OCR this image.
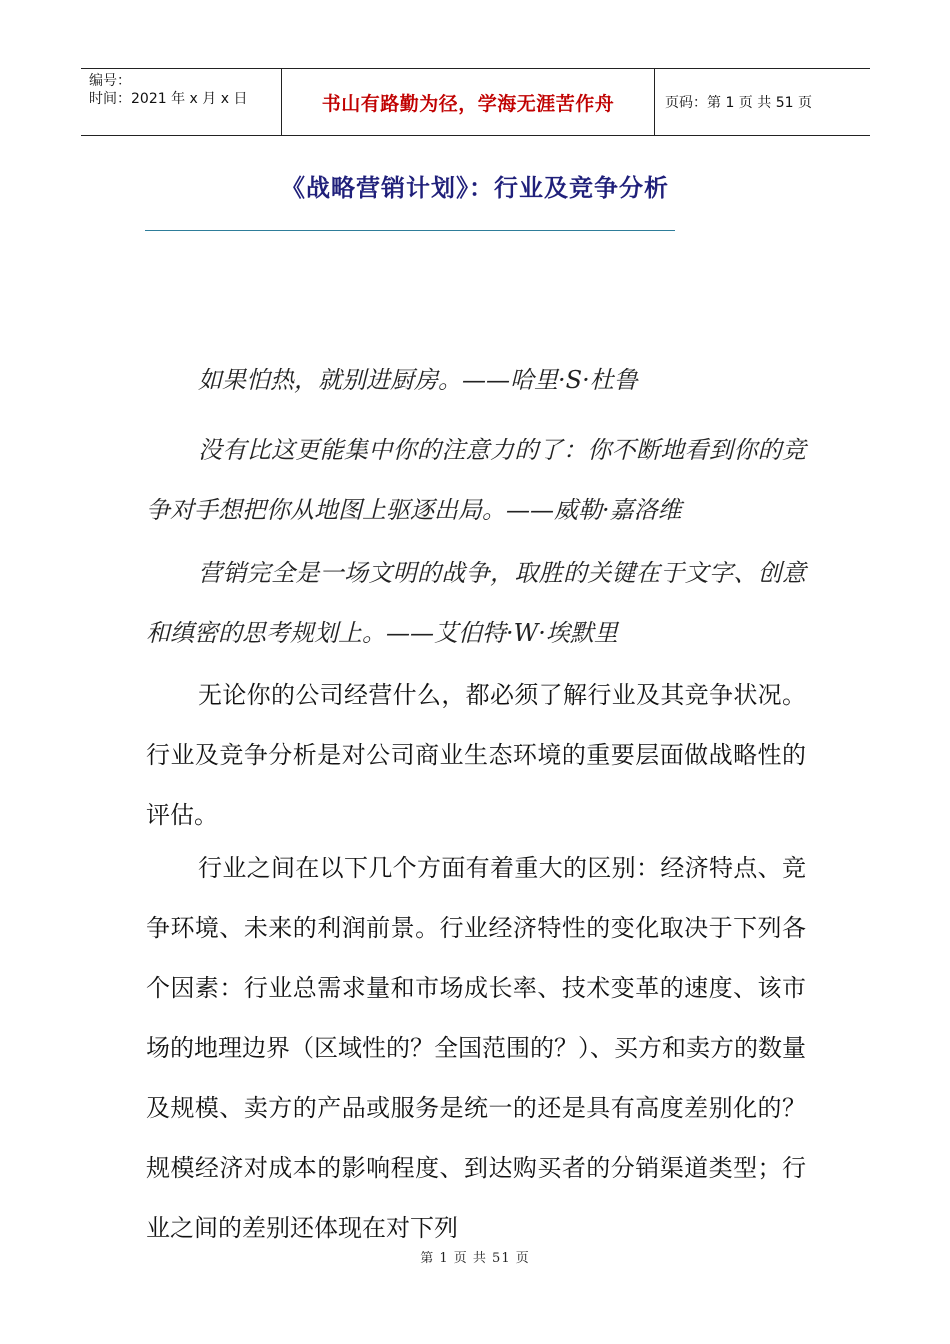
编号：
时间：2021 年 x 月 x 日	书山有路勤为径，学海无涯苦作舟	页码：第 1 页 共 51 页
《战略营销计划》：行业及竞争分析
如果怕热，就别进厨房。——哈里·S·杜鲁
没有比这更能集中你的注意力的了：你不断地看到你的竞争对手想把你从地图上驱逐出局。——威勒·嘉洛维
营销完全是一场文明的战争，取胜的关键在于文字、创意和缜密的思考规划上。——艾伯特·W·埃默里
无论你的公司经营什么，都必须了解行业及其竞争状况。行业及竞争分析是对公司商业生态环境的重要层面做战略性的评估。
行业之间在以下几个方面有着重大的区别：经济特点、竞争环境、未来的利润前景。行业经济特性的变化取决于下列各个因素：行业总需求量和市场成长率、技术变革的速度、该市场的地理边界（区域性的？全国范围的？）、买方和卖方的数量及规模、卖方的产品或服务是统一的还是具有高度差别化的？ 规模经济对成本的影响程度、到达购买者的分销渠道类型；行业之间的差别还体现在对下列
第 1 页 共 51 页
